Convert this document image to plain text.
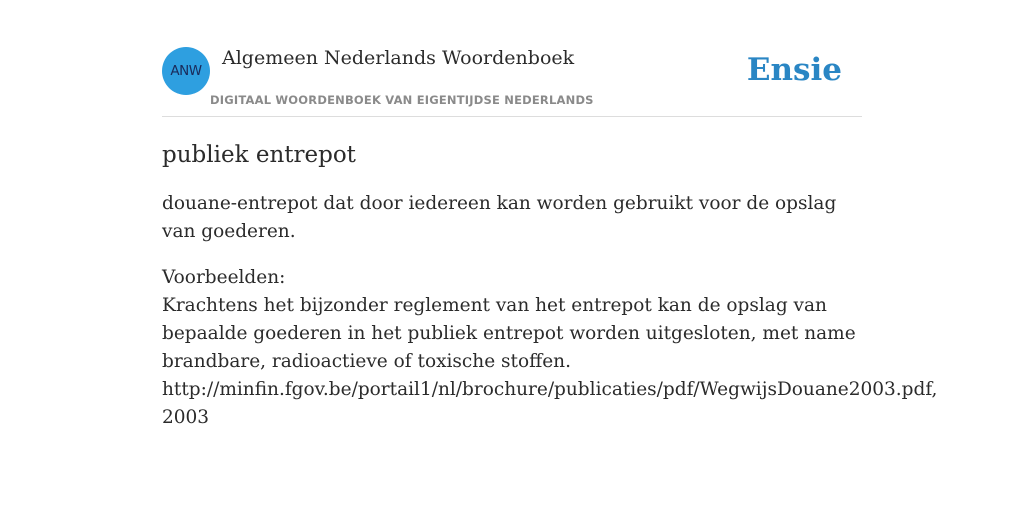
ANW
Algemeen Nederlands Woordenboek
DIGITAAL WOORDENBOEK VAN EIGENTIJDSE NEDERLANDS
Ensie
publiek entrepot

douane-entrepot dat door iedereen kan worden gebruikt voor de opslag van goederen.

Voorbeelden:
Krachtens het bijzonder reglement van het entrepot kan de opslag van bepaalde goederen in het publiek entrepot worden uitgesloten, met name brandbare, radioactieve of toxische stoffen.
http://minfin.fgov.be/portail1/nl/brochure/publicaties/pdf/WegwijsDouane2003.pdf,
2003
